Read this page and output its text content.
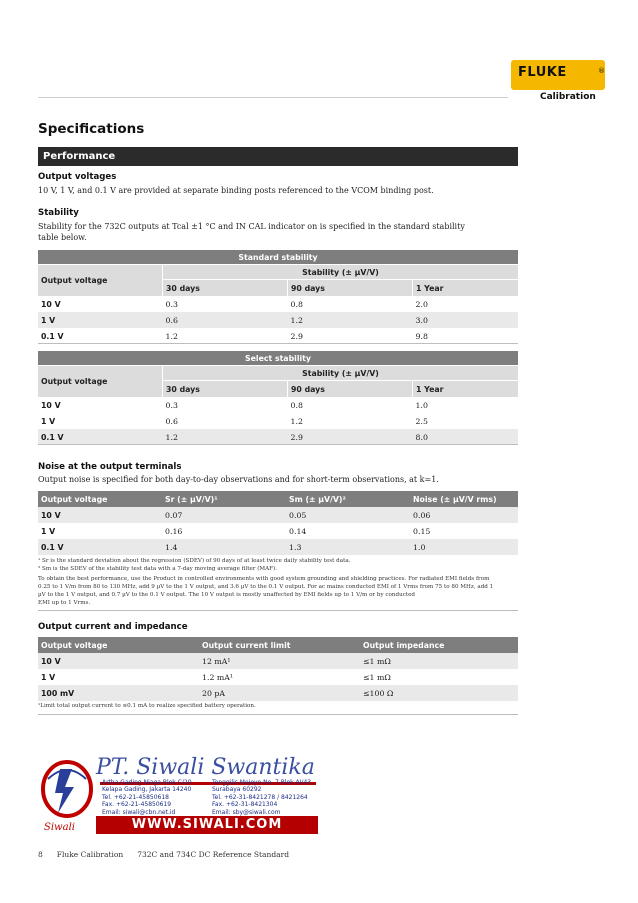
FLUKE	®
Calibration
Specifications
Performance
Output voltages
10 V, 1 V, and 0.1 V are provided at separate binding posts referenced to the VCOM binding post.
Stability
Stability for the 732C outputs at Tcal ±1 °C and IN CAL indicator on is specified in the standard stability
table below.
Standard stability			
Output voltage	Stability (± µV/V)		
	30 days	90 days	1 Year
10 V	0.3	0.8	2.0
1 V	0.6	1.2	3.0
0.1 V	1.2	2.9	9.8
Select stability			
Output voltage	Stability (± µV/V)		
	30 days	90 days	1 Year
10 V	0.3	0.8	1.0
1 V	0.6	1.2	2.5
0.1 V	1.2	2.9	8.0
Noise at the output terminals
Output noise is specified for both day-to-day observations and for short-term observations, at k=1.
Output voltage	Sr (± µV/V)¹	Sm (± µV/V)²	Noise (± µV/V rms)
10 V	0.07	0.05	0.06
1 V	0.16	0.14	0.15
0.1 V	1.4	1.3	1.0
¹ Sr is the standard deviation about the regression (SDEV) of 90 days of at least twice daily stability test data.
² Sm is the SDEV of the stability test data with a 7-day moving average filter (MAF).
To obtain the best performance, use the Product in controlled environments with good system grounding and shielding practices. For radiated EMI fields from
0.25 to 1 V/m from 80 to 130 MHz, add 9 µV to the 1 V output, and 3.6 µV to the 0.1 V output. For ac mains conducted EMI of 1 Vrms from 75 to 80 MHz, add 1
µV to the 1 V output, and 0.7 µV to the 0.1 V output. The 10 V output is mostly unaffected by EMI fields up to 1 V/m or by conducted
EMI up to 1 Vrms.
Output current and impedance
Output voltage	Output current limit	Output impedance
10 V	12 mA¹	≤1 mΩ
1 V	1.2 mA¹	≤1 mΩ
100 mV	20 pA	≤100 Ω
¹Limit total output current to ≤0.1 mA to realize specified battery operation.
Siwali
PT. Siwali Swantika
Artha Gading Niaga Blok C/20
Kelapa Gading, Jakarta 14240
Tel. +62-21-45850618
Fax. +62-21-45850619
Email: siwali@cbn.net.id
Tenggilis Mejoyo No. 7 Blok AI/43
Surabaya 60292
Tel. +62-31-8421278 / 8421264
Fax. +62-31-8421304
Email: sby@siwali.com
WWW.SIWALI.COM
8 Fluke Calibration 732C and 734C DC Reference Standard
